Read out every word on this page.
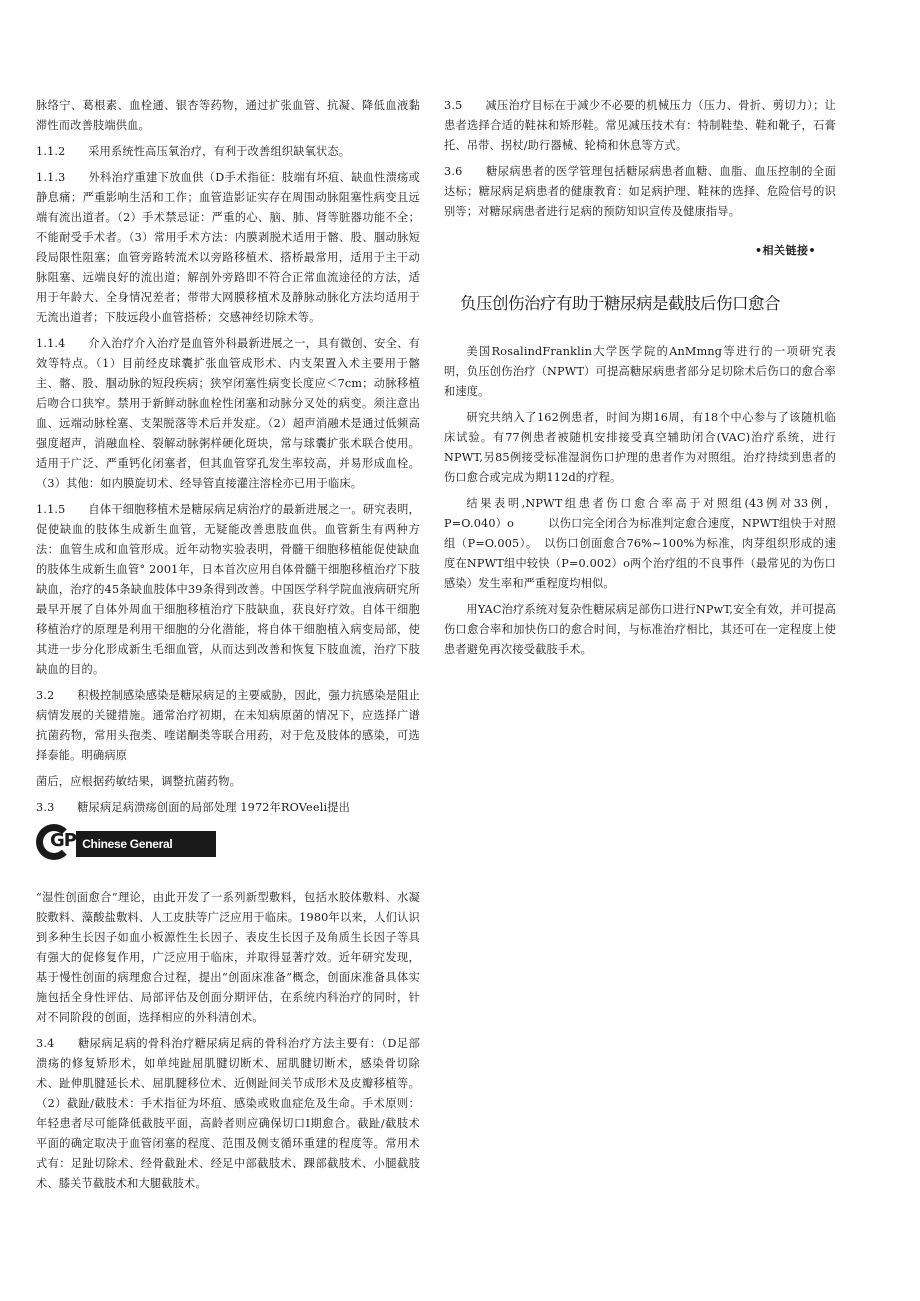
脉络宁、葛根素、血栓通、银杏等药物，通过扩张血管、抗凝、降低血液黏滞性而改善肢端供血。

1.1.2　　采用系统性高压氧治疗，有利于改善组织缺氧状态。

1.1.3　　外科治疗重建下放血供（D手术指征：肢端有坏疽、缺血性溃疡或静息痛；严重影响生活和工作；血管造影证实存在周围动脉阻塞性病变且远端有流出道者。（2）手术禁忌证：严重的心、脑、肺、肾等脏器功能不全；不能耐受手术者。（3）常用手术方法：内膜剥脱术适用于髂、股、腘动脉短段局限性阻塞；血管旁路转流术以旁路移植术、搭桥最常用，适用于主干动脉阻塞、远端良好的流出道；解剖外旁路即不符合正常血流途径的方法，适用于年龄大、全身情况差者；带带大网膜移植术及静脉动脉化方法均适用于无流出道者；下肢远段小血管搭桥；交感神经切除术等。

1.1.4　　介入治疗介入治疗是血管外科最新进展之一，具有微创、安全、有效等特点。（1）目前经皮球囊扩张血管成形术、内支架置入术主要用于髂主、髂、股、腘动脉的短段疾病；狭窄闭塞性病变长度应＜7cm；动脉移植后吻合口狭窄。禁用于新鲜动脉血栓性闭塞和动脉分叉处的病变。须注意出血、远端动脉栓塞、支架脱落等术后并发症。（2）超声消融术是通过低频高强度超声，消融血栓、裂解动脉粥样硬化斑块，常与球囊扩张术联合使用。适用于广泛、严重钙化闭塞者，但其血管穿孔发生率较高，并易形成血栓。（3）其他：如内膜旋切术、经导管直接灌注溶栓亦已用于临床。

1.1.5　　自体干细胞移植术是糖尿病足病治疗的最新进展之一。研究表明，促使缺血的肢体生成新生血管，无疑能改善患肢血供。血管新生有两种方法：血管生成和血管形成。近年动物实验表明，骨髓干细胞移植能促使缺血的肢体生成新生血管° 2001年，日本首次应用自体骨髓干细胞移植治疗下肢缺血，治疗的45条缺血肢体中39条得到改善。中国医学科学院血液病研究所最早开展了自体外周血干细胞移植治疗下肢缺血，获良好疗效。自体干细胞移植治疗的原理是利用干细胞的分化潜能，将自体干细胞植入病变局部，使其进一步分化形成新生毛细血管，从而达到改善和恢复下肢血流，治疗下肢缺血的目的。

3.2　　积极控制感染感染是糖尿病足的主要威胁，因此，强力抗感染是阻止病情发展的关键措施。通常治疗初期，在未知病原菌的情况下，应选择广谱抗菌药物，常用头孢类、喹诺酮类等联合用药，对于危及肢体的感染，可选择泰能。明确病原

菌后，应根据药敏结果，调整抗菌药物。

3.3　　糖尿病足病溃疡创面的局部处理 1972年ROVeeli提出

GP Chinese General Practice

“湿性创面愈合”理论，由此开发了一系列新型敷料，包括水胶体敷料、水凝胶敷料、藻酸盐敷料、人工皮肤等广泛应用于临床。1980年以来，人们认识到多种生长因子如血小板源性生长因子、表皮生长因子及角质生长因子等具有强大的促修复作用，广泛应用于临床，并取得显著疗效。近年研究发现，基于慢性创面的病理愈合过程，提出“创面床准备”概念，创面床准备具体实施包括全身性评估、局部评估及创面分期评估，在系统内科治疗的同时，针对不同阶段的创面，选择相应的外科清创术。

3.4　　糖尿病足病的骨科治疗糖尿病足病的骨科治疗方法主要有：（D足部溃疡的修复矫形术，如单纯趾屈肌腱切断术、屈肌腱切断术，感染骨切除术、趾伸肌腱延长术、屈肌腱移位术、近侧趾间关节成形术及皮瓣移植等。（2）截趾/截肢术：手术指征为坏疽、感染或败血症危及生命。手术原则：年轻患者尽可能降低截肢平面，高龄者则应确保切口I期愈合。截趾/截肢术平面的确定取决于血管闭塞的程度、范围及侧支循环重建的程度等。常用术式有：足趾切除术、经骨截趾术、经足中部截肢术、踝部截肢术、小腿截肢术、膝关节截肢术和大腿截肢术。

3.5　　减压治疗目标在于减少不必要的机械压力（压力、骨折、剪切力）；让患者选择合适的鞋袜和矫形鞋。常见减压技术有：特制鞋垫、鞋和靴子，石膏托、吊带、拐杖/助行器械、轮椅和休息等方式。

3.6　　糖尿病患者的医学管理包括糖尿病患者血糖、血脂、血压控制的全面达标；糖尿病足病患者的健康教育：如足病护理、鞋袜的选择、危险信号的识别等；对糖尿病患者进行足病的预防知识宣传及健康指导。

•相关链接•
负压创伤治疗有助于糖尿病是截肢后伤口愈合

美国RosalindFranklin大学医学院的AnMmng等进行的一项研究表明，负压创伤治疗（NPWT）可提高糖尿病患者部分足切除术后伤口的愈合率和速度。

研究共纳入了162例患者，时间为期16周，有18个中心参与了该随机临床试验。有77例患者被随机安排接受真空辅助闭合(VAC)治疗系统，进行NPWT,另85例接受标准湿润伤口护理的患者作为对照组。治疗持续到患者的伤口愈合或完成为期112d的疗程。

结果表明,NPWT组患者伤口愈合率高于对照组(43例对33例，P=O.040）o　　　以伤口完全闭合为标准判定愈合速度，NPWT组快于对照组（P=O.005）。　以伤口创面愈合76%~100%为标准，肉芽组织形成的速度在NPWT组中较快（P=0.002）o两个治疗组的不良事件（最常见的为伤口感染）发生率和严重程度均相似。

用YAC治疗系统对复杂性糖尿病足部伤口进行NPwT,安全有效，并可提高伤口愈合率和加快伤口的愈合时间，与标准治疗相比，其还可在一定程度上使患者避免再次接受截肢手术。
